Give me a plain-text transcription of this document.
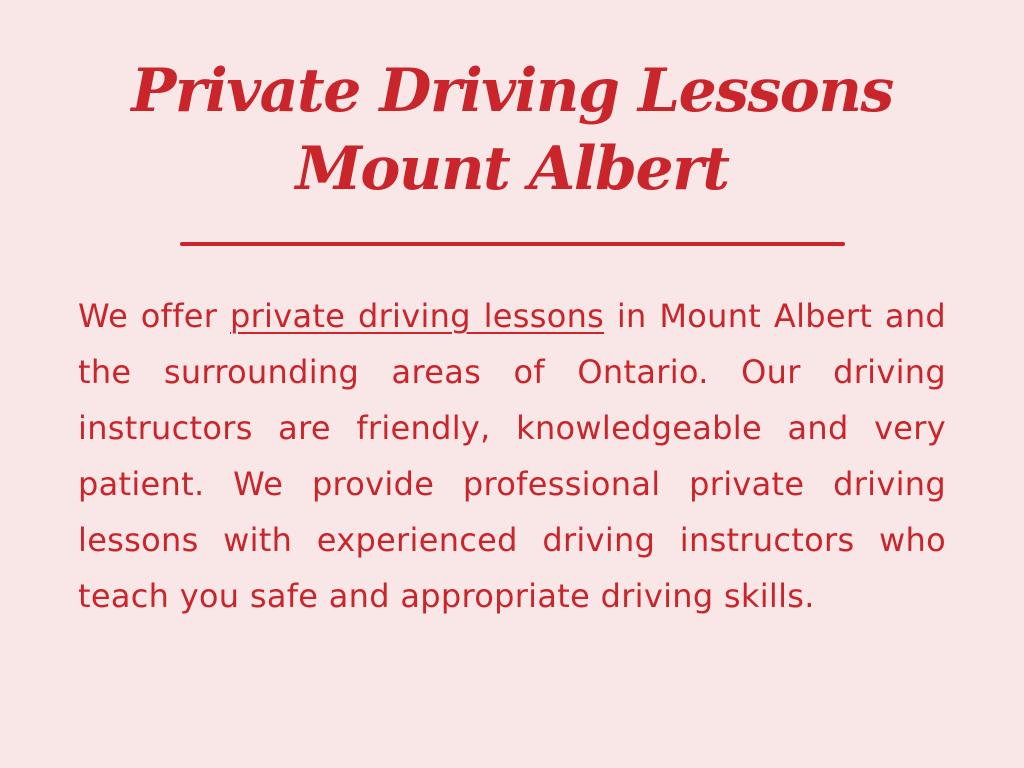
Private Driving Lessons
Mount Albert

We offer private driving lessons in Mount Albert and the surrounding areas of Ontario. Our driving instructors are friendly, knowledgeable and very patient. We provide professional private driving lessons with experienced driving instructors who teach you safe and appropriate driving skills.
